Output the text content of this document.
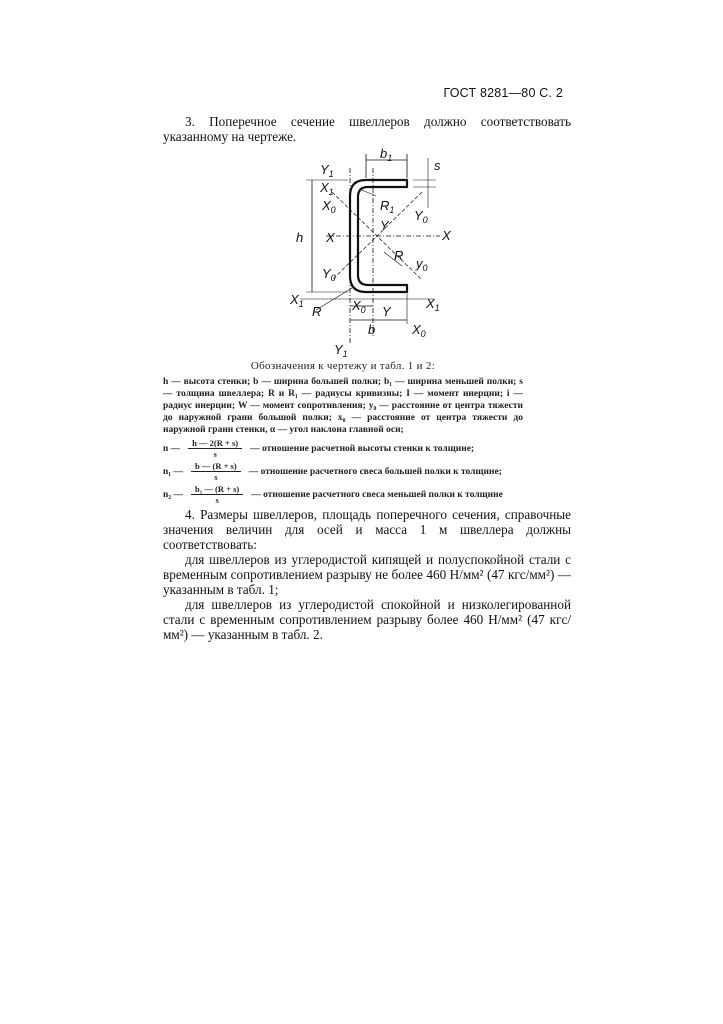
ГОСТ 8281—80 С. 2
3. Поперечное сечение швеллеров должно соответствовать указанному на чертеже.
$Y_1$
$b_1$	s
$X_1$
$X_0$	$R_1$ $Y_0$
h X
Y
X
R
$y_0$
$Y_0$
$X_1$	$X_1$
R $X_0$ Y
b	$X_0$
$Y_1$
Обозначения к чертежу и табл. 1 и 2:
h — высота стенки; b — ширина большей полки; b₁ — ширина меньшей полки; s — толщина швеллера; R и R₁ — радиусы кривизны; I — момент инерции; i — радиус инерции; W — момент сопротивления; y₀ — расстояние от центра тяжести до наружной грани большой полки; x₀ — расстояние от центра тяжести до наружной грани стенки, α — угол наклона главной оси;
n — $\frac{h — 2(R + s)}{s}$ — отношение расчетной высоты стенки к толщине;
n₁ — $\frac{b — (R + s)}{s}$ — отношение расчетного свеса большей полки к толщине;
n₂ — $\frac{\text{b₁ — (R + s)}}{s}$ — отношение расчетного свеса меньшей полки к толщине
4. Размеры швеллеров, площадь поперечного сечения, справочные значения величин для осей и масса 1 м швеллера должны соответствовать:
для швеллеров из углеродистой кипящей и полуспокойной стали с временным сопротивлением разрыву не более 460 Н/мм² (47 кгс/мм²) — указанным в табл. 1;
для швеллеров из углеродистой спокойной и низколегированной стали с временным сопротивлением разрыву более 460 Н/мм² (47 кгс/мм²) — указанным в табл. 2.
